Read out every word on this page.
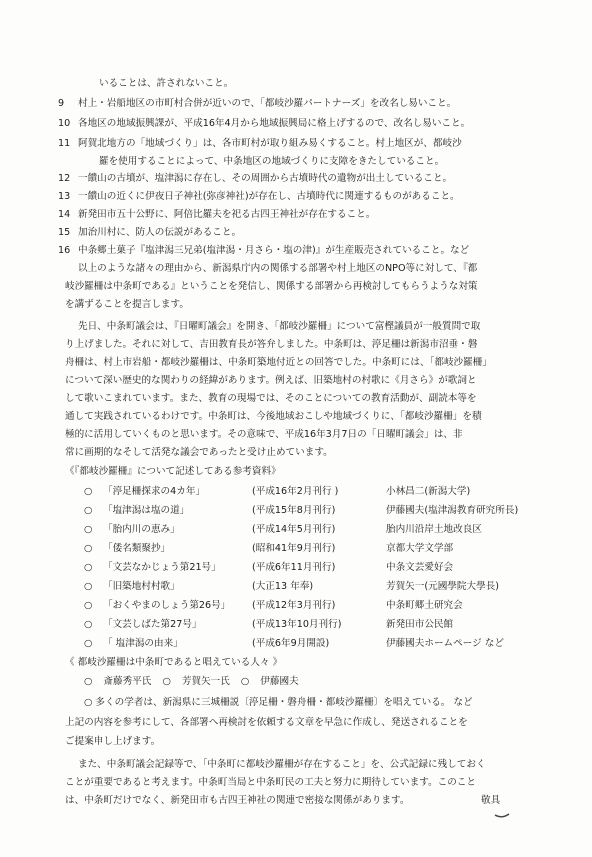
いることは、許されないこと。
9	村上・岩船地区の市町村合併が近いので、「都岐沙羅パートナーズ」を改名し易いこと。
10 各地区の地域振興課が、平成16年4月から地域振興局に格上げするので、改名し易いこと。
11 阿賀北地方の「地域づくり」は、各市町村が取り組み易くすること。村上地区が、都岐沙
羅を使用することによって、中条地区の地域づくりに支障をきたしていること。
12 一饋山の古墳が、塩津潟に存在し、その周囲から古墳時代の遺物が出土していること。
13 一饋山の近くに伊夜日子神社(弥彦神社)が存在し、古墳時代に関連するものがあること。
14 新発田市五十公野に、阿倍比羅夫を祀る古四王神社が存在すること。
15 加治川村に、防人の伝説があること。
16 中条郷土菓子『塩津潟三兄弟(塩津潟・月さら・塩の津)』が生産販売されていること。など
以上のような諸々の理由から、新潟県庁内の関係する部署や村上地区のNPO等に対して、『都
岐沙羅柵は中条町である』ということを発信し、関係する部署から再検討してもらうような対策
を講ずることを提言します。
先日、中条町議会は、『日曜町議会』を開き、「都岐沙羅柵」について富樫議員が一般質問で取
り上げました。それに対して、吉田教育長が答弁しました。中条町は、渟足柵は新潟市沼垂・磐
舟柵は、村上市岩船・都岐沙羅柵は、中条町築地付近との回答でした。中条町には、「都岐沙羅柵」
について深い歴史的な関わりの経緯があります。例えば、旧築地村の村歌に《月さら》が歌詞と
して歌いこまれています。また、教育の現場では、そのことについての教育活動が、副読本等を
通して実践されているわけです。中条町は、今後地域おこしや地域づくりに、「都岐沙羅柵」を積
極的に活用していくものと思います。その意味で、平成16年3月7日の「日曜町議会」は、非
常に画期的なそして活発な議会であったと受け止めています。
《『都岐沙羅柵』について記述してある参考資料》
○ 「渟足柵探求の4カ年」	(平成16年2月刊行 )	小林昌二(新潟大学)
○ 「塩津潟は塩の道」	(平成15年8月刊行)	伊藤國夫(塩津潟教育研究所長)
○ 「胎内川の恵み」	(平成14年5月刊行)	胎内川沿岸土地改良区
○ 「倭名類聚抄」	(昭和41年9月刊行)	京都大学文学部
○ 「文芸なかじょう第21号」	(平成6年11月刊行)	中条文芸愛好会
○ 「旧築地村村歌」	(大正13 年奉)	芳賀矢一(元國學院大學長)
○ 「おくやまのしょう第26号」 (平成12年3月刊行)	中条町郷土研究会
○ 「文芸しばた第27号」	(平成13年10月刊行)	新発田市公民館
○ 「 塩津潟の由来」	(平成6年9月開設)	伊藤國夫ホームページ など
《 都岐沙羅柵は中条町であると唱えている人々 》
○ 斎藤秀平氏 ○ 芳賀矢一氏 ○ 伊藤國夫
○ 多くの学者は、新潟県に三城柵説〔渟足柵・磐舟柵・都岐沙羅柵〕を唱えている。 など
上記の内容を参考にして、各部署へ再検討を依頼する文章を早急に作成し、発送されることを
ご提案申し上げます。
また、中条町議会記録等で、「中条町に都岐沙羅柵が存在すること」を、公式記録に残しておく
ことが重要であると考えます。中条町当局と中条町民の工夫と努力に期待しています。このこと
は、中条町だけでなく、新発田市も古四王神社の関連で密接な関係があります。	敬具
